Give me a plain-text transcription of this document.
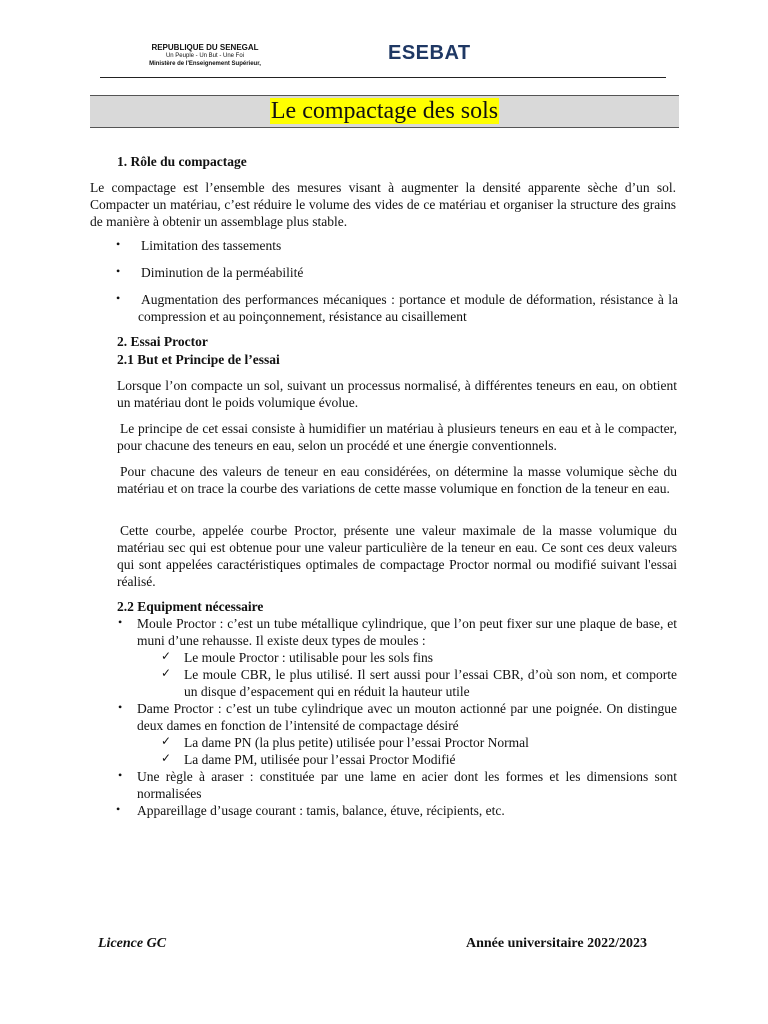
REPUBLIQUE DU SENEGAL
Un Peuple - Un But - Une Foi
Ministère de l'Enseignement Supérieur,	ESEBAT
Le compactage des sols
1. Rôle du compactage
Le compactage est l’ensemble des mesures visant à augmenter la densité apparente sèche d’un sol. Compacter un matériau, c’est réduire le volume des vides de ce matériau et organiser la structure des grains de manière à obtenir un assemblage plus stable.
• Limitation des tassements
• Diminution de la perméabilité
• Augmentation des performances mécaniques : portance et module de déformation, résistance à la compression et au poinçonnement, résistance au cisaillement
2. Essai Proctor
2.1 But et Principe de l’essai
Lorsque l’on compacte un sol, suivant un processus normalisé, à différentes teneurs en eau, on obtient un matériau dont le poids volumique évolue.
Le principe de cet essai consiste à humidifier un matériau à plusieurs teneurs en eau et à le compacter, pour chacune des teneurs en eau, selon un procédé et une énergie conventionnels.
Pour chacune des valeurs de teneur en eau considérées, on détermine la masse volumique sèche du matériau et on trace la courbe des variations de cette masse volumique en fonction de la teneur en eau.
Cette courbe, appelée courbe Proctor, présente une valeur maximale de la masse volumique du matériau sec qui est obtenue pour une valeur particulière de la teneur en eau. Ce sont ces deux valeurs qui sont appelées caractéristiques optimales de compactage Proctor normal ou modifié suivant l'essai réalisé.
2.2 Equipment nécessaire
• Moule Proctor : c’est un tube métallique cylindrique, que l’on peut fixer sur une plaque de base, et muni d’une rehausse. Il existe deux types de moules :
✓ Le moule Proctor : utilisable pour les sols fins
✓ Le moule CBR, le plus utilisé. Il sert aussi pour l’essai CBR, d’où son nom, et comporte un disque d’espacement qui en réduit la hauteur utile
• Dame Proctor : c’est un tube cylindrique avec un mouton actionné par une poignée. On distingue deux dames en fonction de l’intensité de compactage désiré
✓ La dame PN (la plus petite) utilisée pour l’essai Proctor Normal
✓ La dame PM, utilisée pour l’essai Proctor Modifié
• Une règle à araser : constituée par une lame en acier dont les formes et les dimensions sont normalisées
• Appareillage d’usage courant : tamis, balance, étuve, récipients, etc.
Licence GC	Année universitaire 2022/2023
